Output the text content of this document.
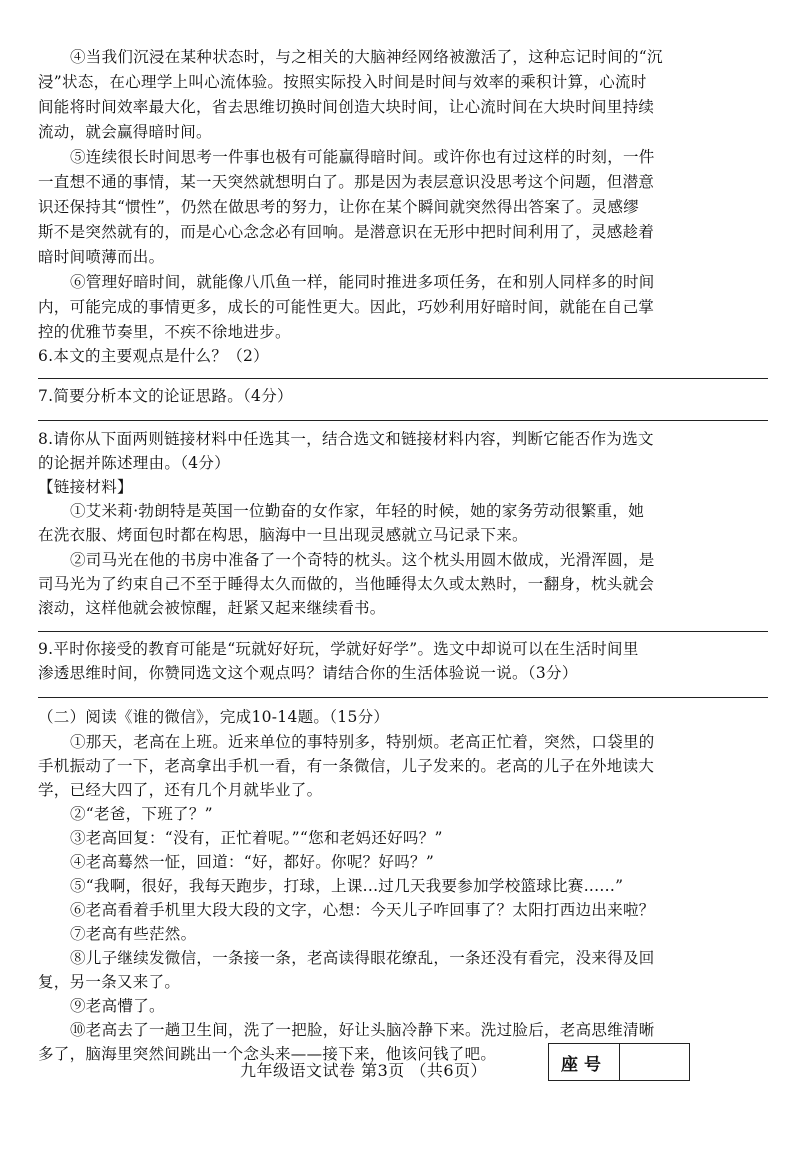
④当我们沉浸在某种状态时，与之相关的大脑神经网络被激活了，这种忘记时间的“沉
浸”状态，在心理学上叫心流体验。按照实际投入时间是时间与效率的乘积计算，心流时
间能将时间效率最大化，省去思维切换时间创造大块时间，让心流时间在大块时间里持续
流动，就会赢得暗时间。
⑤连续很长时间思考一件事也极有可能赢得暗时间。或许你也有过这样的时刻，一件
一直想不通的事情，某一天突然就想明白了。那是因为表层意识没思考这个问题，但潜意
识还保持其“惯性”，仍然在做思考的努力，让你在某个瞬间就突然得出答案了。灵感缪
斯不是突然就有的，而是心心念念必有回响。是潜意识在无形中把时间利用了，灵感趁着
暗时间喷薄而出。
⑥管理好暗时间，就能像八爪鱼一样，能同时推进多项任务，在和别人同样多的时间
内，可能完成的事情更多，成长的可能性更大。因此，巧妙利用好暗时间，就能在自己掌
控的优雅节奏里，不疾不徐地进步。
6.本文的主要观点是什么？（2）
7.简要分析本文的论证思路。（4分）
8.请你从下面两则链接材料中任选其一，结合选文和链接材料内容，判断它能否作为选文
的论据并陈述理由。（4分）
【链接材料】
①艾米莉·勃朗特是英国一位勤奋的女作家，年轻的时候，她的家务劳动很繁重，她
在洗衣服、烤面包时都在构思，脑海中一旦出现灵感就立马记录下来。
②司马光在他的书房中准备了一个奇特的枕头。这个枕头用圆木做成，光滑浑圆，是
司马光为了约束自己不至于睡得太久而做的，当他睡得太久或太熟时，一翻身，枕头就会
滚动，这样他就会被惊醒，赶紧又起来继续看书。
9.平时你接受的教育可能是“玩就好好玩，学就好好学”。选文中却说可以在生活时间里
渗透思维时间，你赞同选文这个观点吗？请结合你的生活体验说一说。（3分）
（二）阅读《谁的微信》，完成10-14题。（15分）
①那天，老高在上班。近来单位的事特别多，特别烦。老高正忙着，突然，口袋里的
手机振动了一下，老高拿出手机一看，有一条微信，儿子发来的。老高的儿子在外地读大
学，已经大四了，还有几个月就毕业了。
②“老爸，下班了？”
③老高回复：“没有，正忙着呢。”“您和老妈还好吗？”
④老高蓦然一怔，回道：“好，都好。你呢？好吗？”
⑤“我啊，很好，我每天跑步，打球，上课...过几天我要参加学校篮球比赛......”
⑥老高看着手机里大段大段的文字，心想：今天儿子咋回事了？太阳打西边出来啦？
⑦老高有些茫然。
⑧儿子继续发微信，一条接一条，老高读得眼花缭乱，一条还没有看完，没来得及回
复，另一条又来了。
⑨老高懵了。
⑩老高去了一趟卫生间，洗了一把脸，好让头脑冷静下来。洗过脸后，老高思维清晰
多了，脑海里突然间跳出一个念头来——接下来，他该问钱了吧。
九年级语文试卷 第3页 （共6页）	座号
